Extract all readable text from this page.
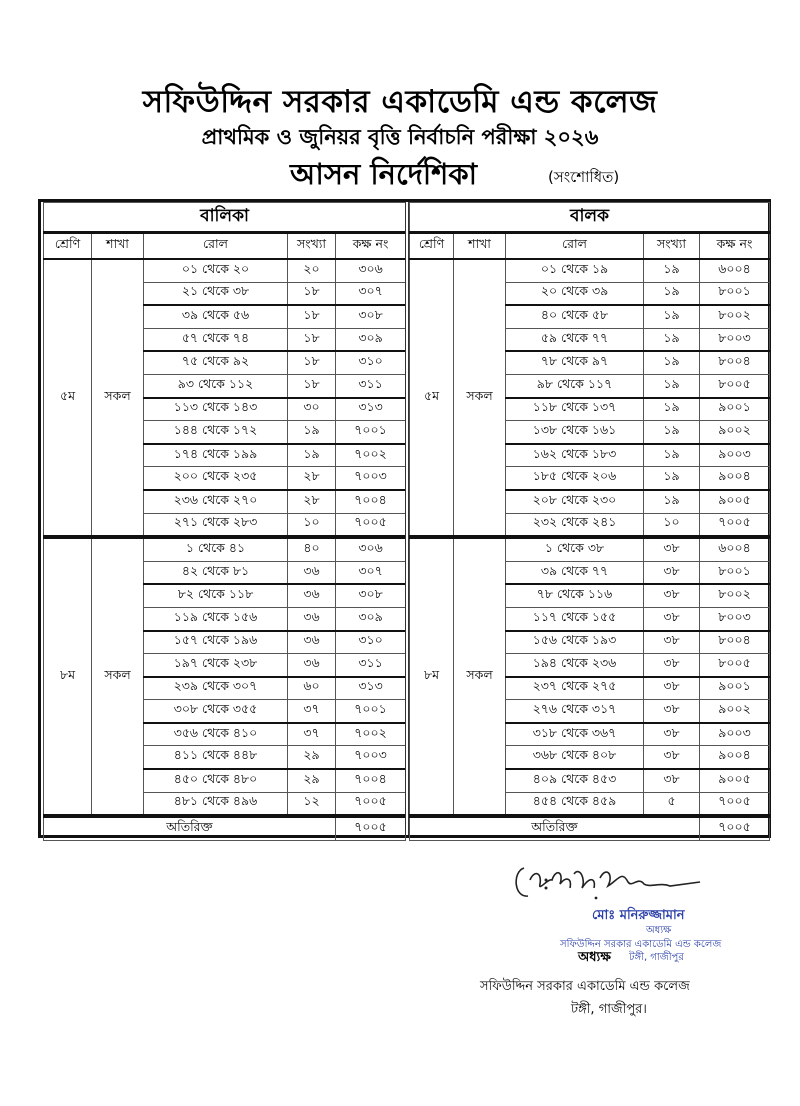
সফিউদ্দিন সরকার একাডেমি এন্ড কলেজ
প্রাথমিক ও জুনিয়র বৃত্তি নির্বাচনি পরীক্ষা ২০২৬
আসন নির্দেশিকা	(সংশোধিত)
বালিকা				
শ্রেণি	শাখা	রোল	সংখ্যা	কক্ষ নং
৫ম	সকল	০১ থেকে ২০	২০	৩০৬
		২১ থেকে ৩৮	১৮	৩০৭
		৩৯ থেকে ৫৬	১৮	৩০৮
		৫৭ থেকে ৭৪	১৮	৩০৯
		৭৫ থেকে ৯২	১৮	৩১০
		৯৩ থেকে ১১২	১৮	৩১১
		১১৩ থেকে ১৪৩	৩০	৩১৩
		১৪৪ থেকে ১৭২	১৯	৭০০১
		১৭৪ থেকে ১৯৯	১৯	৭০০২
		২০০ থেকে ২৩৫	২৮	৭০০৩
		২৩৬ থেকে ২৭০	২৮	৭০০৪
		২৭১ থেকে ২৮৩	১০	৭০০৫
৮ম	সকল	১ থেকে ৪১	৪০	৩০৬
		৪২ থেকে ৮১	৩৬	৩০৭
		৮২ থেকে ১১৮	৩৬	৩০৮
		১১৯ থেকে ১৫৬	৩৬	৩০৯
		১৫৭ থেকে ১৯৬	৩৬	৩১০
		১৯৭ থেকে ২৩৮	৩৬	৩১১
		২৩৯ থেকে ৩০৭	৬০	৩১৩
		৩০৮ থেকে ৩৫৫	৩৭	৭০০১
		৩৫৬ থেকে ৪১০	৩৭	৭০০২
		৪১১ থেকে ৪৪৮	২৯	৭০০৩
		৪৫০ থেকে ৪৮০	২৯	৭০০৪
		৪৮১ থেকে ৪৯৬	১২	৭০০৫
অতিরিক্ত				৭০০৫
বালক				
শ্রেণি	শাখা	রোল	সংখ্যা	কক্ষ নং
৫ম	সকল	০১ থেকে ১৯	১৯	৬০০৪
		২০ থেকে ৩৯	১৯	৮০০১
		৪০ থেকে ৫৮	১৯	৮০০২
		৫৯ থেকে ৭৭	১৯	৮০০৩
		৭৮ থেকে ৯৭	১৯	৮০০৪
		৯৮ থেকে ১১৭	১৯	৮০০৫
		১১৮ থেকে ১৩৭	১৯	৯০০১
		১৩৮ থেকে ১৬১	১৯	৯০০২
		১৬২ থেকে ১৮৩	১৯	৯০০৩
		১৮৫ থেকে ২০৬	১৯	৯০০৪
		২০৮ থেকে ২৩০	১৯	৯০০৫
		২৩২ থেকে ২৪১	১০	৭০০৫
৮ম	সকল	১ থেকে ৩৮	৩৮	৬০০৪
		৩৯ থেকে ৭৭	৩৮	৮০০১
		৭৮ থেকে ১১৬	৩৮	৮০০২
		১১৭ থেকে ১৫৫	৩৮	৮০০৩
		১৫৬ থেকে ১৯৩	৩৮	৮০০৪
		১৯৪ থেকে ২৩৬	৩৮	৮০০৫
		২৩৭ থেকে ২৭৫	৩৮	৯০০১
		২৭৬ থেকে ৩১৭	৩৮	৯০০২
		৩১৮ থেকে ৩৬৭	৩৮	৯০০৩
		৩৬৮ থেকে ৪০৮	৩৮	৯০০৪
		৪০৯ থেকে ৪৫৩	৩৮	৯০০৫
		৪৫৪ থেকে ৪৫৯	৫	৭০০৫
অতিরিক্ত				৭০০৫
মোঃ মনিরুজ্জামান
অধ্যক্ষ
সফিউদ্দিন সরকার একাডেমি এন্ড কলেজ
অধ্যক্ষ টঙ্গী, গাজীপুর
সফিউদ্দিন সরকার একাডেমি এন্ড কলেজ
টঙ্গী, গাজীপুর।
